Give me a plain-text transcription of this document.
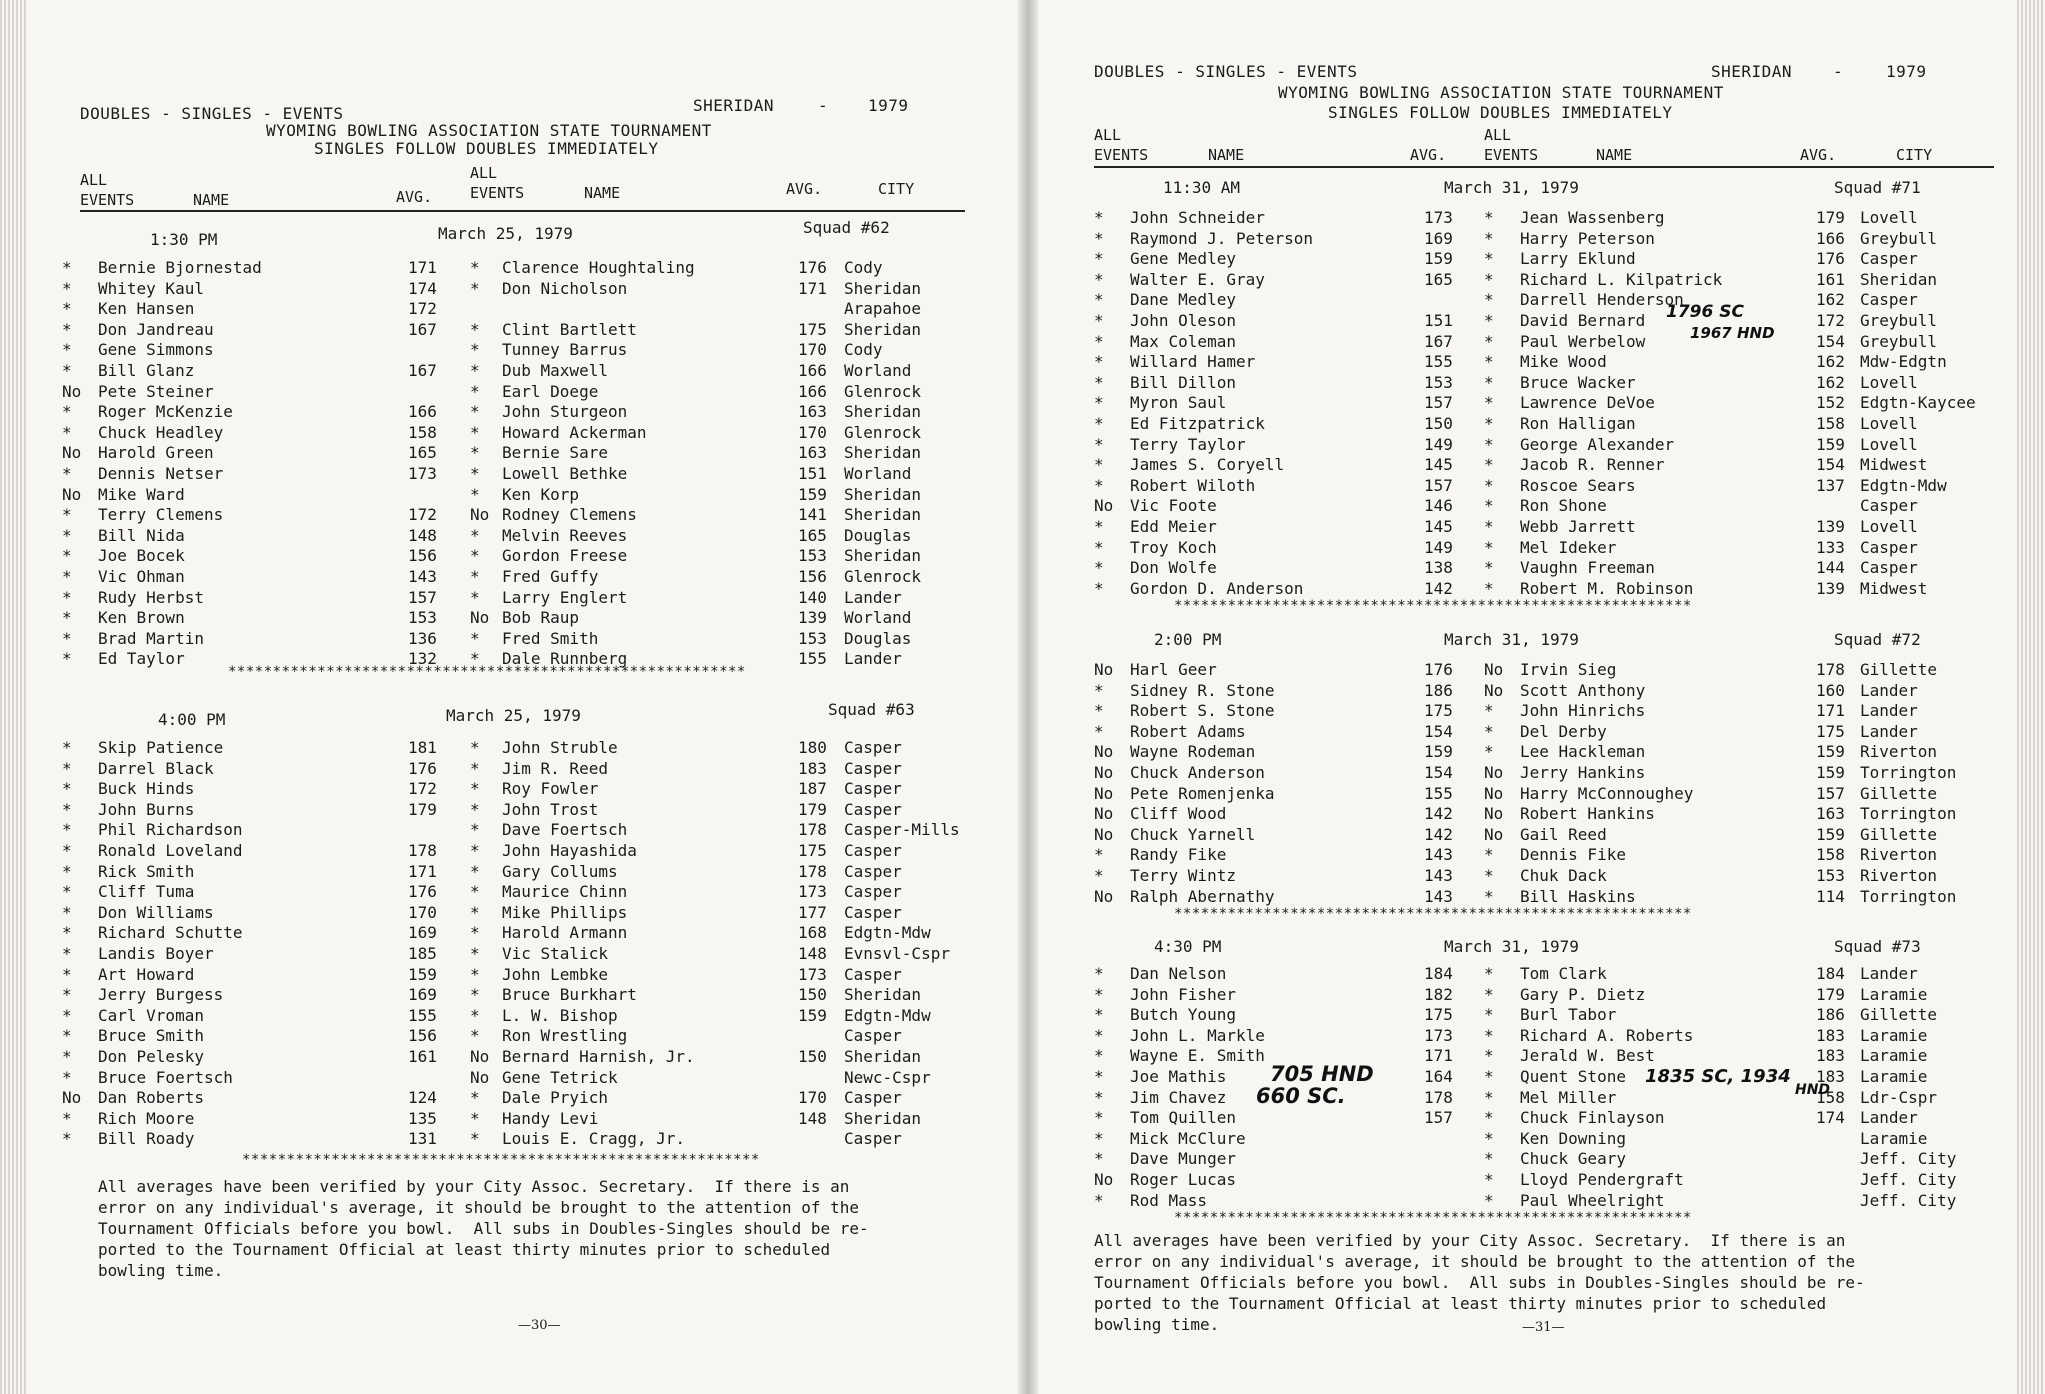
DOUBLES - SINGLES - EVENTS	SHERIDAN	- 1979
WYOMING BOWLING ASSOCIATION STATE TOURNAMENT
SINGLES FOLLOW DOUBLES IMMEDIATELY
ALL
EVENTS	NAME	AVG.
ALL
EVENTS	NAME	AVG.	CITY
1:30 PM	March 25, 1979	Squad #62
4:00 PM	March 25, 1979	Squad #63
* Bernie Bjornestad	171 * Clarence Houghtaling	176 Cody
* Whitey Kaul	174 * Don Nicholson	171 Sheridan
* Ken Hansen	172	Arapahoe
* Don Jandreau	167 * Clint Bartlett	175 Sheridan
* Gene Simmons	* Tunney Barrus	170 Cody
* Bill Glanz	167 * Dub Maxwell	166 Worland
No Pete Steiner	* Earl Doege	166 Glenrock
* Roger McKenzie	166 * John Sturgeon	163 Sheridan
* Chuck Headley	158 * Howard Ackerman	170 Glenrock
No Harold Green	165 * Bernie Sare	163 Sheridan
* Dennis Netser	173 * Lowell Bethke	151 Worland
No Mike Ward	* Ken Korp	159 Sheridan
* Terry Clemens	172 No Rodney Clemens	141 Sheridan
* Bill Nida	148 * Melvin Reeves	165 Douglas
* Joe Bocek	156 * Gordon Freese	153 Sheridan
* Vic Ohman	143 * Fred Guffy	156 Glenrock
* Rudy Herbst	157 * Larry Englert	140 Lander
* Ken Brown	153 No Bob Raup	139 Worland
* Brad Martin	136 * Fred Smith	153 Douglas
* Ed Taylor	132 * Dale Runnberg	155 Lander
**********************************************************
* Skip Patience	181 * John Struble	180 Casper
* Darrel Black	176 * Jim R. Reed	183 Casper
* Buck Hinds	172 * Roy Fowler	187 Casper
* John Burns	179 * John Trost	179 Casper
* Phil Richardson	* Dave Foertsch	178 Casper-Mills
* Ronald Loveland	178 * John Hayashida	175 Casper
* Rick Smith	171 * Gary Collums	178 Casper
* Cliff Tuma	176 * Maurice Chinn	173 Casper
* Don Williams	170 * Mike Phillips	177 Casper
* Richard Schutte	169 * Harold Armann	168 Edgtn-Mdw
* Landis Boyer	185 * Vic Stalick	148 Evnsvl-Cspr
* Art Howard	159 * John Lembke	173 Casper
* Jerry Burgess	169 * Bruce Burkhart	150 Sheridan
* Carl Vroman	155 * L. W. Bishop	159 Edgtn-Mdw
* Bruce Smith	156 * Ron Wrestling	Casper
* Don Pelesky	161 No Bernard Harnish, Jr.	150 Sheridan
* Bruce Foertsch	No Gene Tetrick	Newc-Cspr
No Dan Roberts	124 * Dale Pryich	170 Casper
* Rich Moore	135 * Handy Levi	148 Sheridan
* Bill Roady	131 * Louis E. Cragg, Jr.	Casper
**********************************************************
All averages have been verified by your City Assoc. Secretary.  If there is an
error on any individual's average, it should be brought to the attention of the
Tournament Officials before you bowl.  All subs in Doubles-Singles should be re-
ported to the Tournament Official at least thirty minutes prior to scheduled
bowling time.
—30—
DOUBLES - SINGLES - EVENTS	SHERIDAN	-	1979
WYOMING BOWLING ASSOCIATION STATE TOURNAMENT
SINGLES FOLLOW DOUBLES IMMEDIATELY
ALL
EVENTS	NAME	AVG.
ALL
EVENTS	NAME	AVG.	CITY
11:30 AM	March 31, 1979	Squad #71
2:00 PM	March 31, 1979	Squad #72
4:30 PM	March 31, 1979	Squad #73
* John Schneider	173 * Jean Wassenberg	179 Lovell
* Raymond J. Peterson	169 * Harry Peterson	166 Greybull
* Gene Medley	159 * Larry Eklund	176 Casper
* Walter E. Gray	165 * Richard L. Kilpatrick	161 Sheridan
* Dane Medley	* Darrell Henderson	162 Casper
* John Oleson	151 * David Bernard	172 Greybull
* Max Coleman	167 * Paul Werbelow	154 Greybull
* Willard Hamer	155 * Mike Wood	162 Mdw-Edgtn
* Bill Dillon	153 * Bruce Wacker	162 Lovell
* Myron Saul	157 * Lawrence DeVoe	152 Edgtn-Kaycee
* Ed Fitzpatrick	150 * Ron Halligan	158 Lovell
* Terry Taylor	149 * George Alexander	159 Lovell
* James S. Coryell	145 * Jacob R. Renner	154 Midwest
* Robert Wiloth	157 * Roscoe Sears	137 Edgtn-Mdw
No Vic Foote	146 * Ron Shone	Casper
* Edd Meier	145 * Webb Jarrett	139 Lovell
* Troy Koch	149 * Mel Ideker	133 Casper
* Don Wolfe	138 * Vaughn Freeman	144 Casper
* Gordon D. Anderson	142 * Robert M. Robinson	139 Midwest
**********************************************************
No Harl Geer	176 No Irvin Sieg	178 Gillette
* Sidney R. Stone	186 No Scott Anthony	160 Lander
* Robert S. Stone	175 * John Hinrichs	171 Lander
* Robert Adams	154 * Del Derby	175 Lander
No Wayne Rodeman	159 * Lee Hackleman	159 Riverton
No Chuck Anderson	154 No Jerry Hankins	159 Torrington
No Pete Romenjenka	155 No Harry McConnoughey	157 Gillette
No Cliff Wood	142 No Robert Hankins	163 Torrington
No Chuck Yarnell	142 No Gail Reed	159 Gillette
* Randy Fike	143 * Dennis Fike	158 Riverton
* Terry Wintz	143 * Chuk Dack	153 Riverton
No Ralph Abernathy	143 * Bill Haskins	114 Torrington
**********************************************************
* Dan Nelson	184 * Tom Clark	184 Lander
* John Fisher	182 * Gary P. Dietz	179 Laramie
* Butch Young	175 * Burl Tabor	186 Gillette
* John L. Markle	173 * Richard A. Roberts	183 Laramie
* Wayne E. Smith	171 * Jerald W. Best	183 Laramie
* Joe Mathis	164 * Quent Stone	183 Laramie
* Jim Chavez	178 * Mel Miller	158 Ldr-Cspr
* Tom Quillen	157 * Chuck Finlayson	174 Lander
* Mick McClure	* Ken Downing	Laramie
* Dave Munger	* Chuck Geary	Jeff. City
No Roger Lucas	* Lloyd Pendergraft	Jeff. City
* Rod Mass	* Paul Wheelright	Jeff. City
**********************************************************
All averages have been verified by your City Assoc. Secretary.  If there is an
error on any individual's average, it should be brought to the attention of the
Tournament Officials before you bowl.  All subs in Doubles-Singles should be re-
ported to the Tournament Official at least thirty minutes prior to scheduled
bowling time.	—31—
1796 SC
1967 HND
705 HND
660 SC.
1835 SC, 1934
HND
